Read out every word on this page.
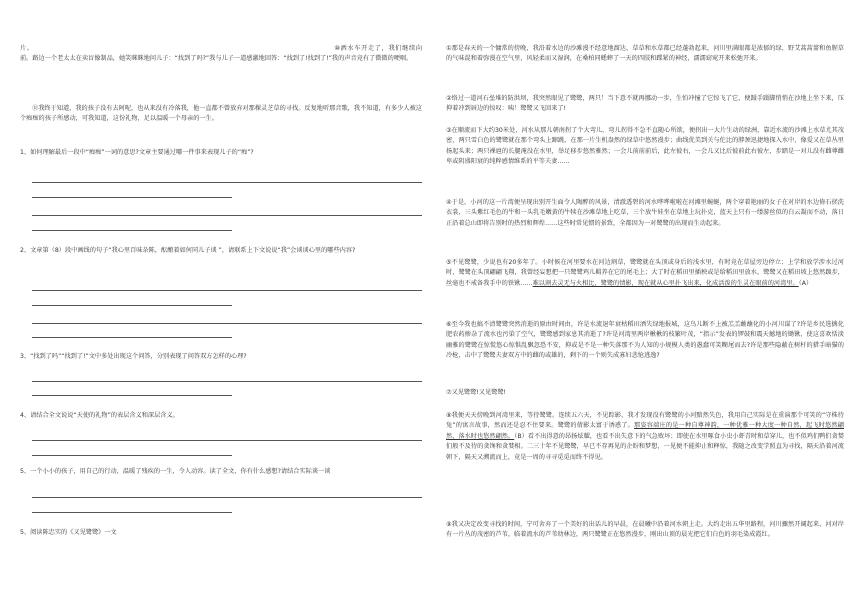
片。	⑩洒水车开走了，我们继续向前。路边一个老太太在卖盲像制品，她笑眯眯地问儿子：“找到了吗?”我与儿子一道感激地回答：“找到了!找到了!”我的声音竟有了微微的哽咽。
⑪我终于知道，我的孩子没有去阿呢，也从来没有冷落我，他一直都不曾放弃对那棵灵芝草的寻找。反复地听那音歌，我不知道，有多少人被这个痴痴的孩子所感动，可我知道，这份礼物，足以温暖一个母亲的一生。
1、如何理解最后一段中“痴痴”一词的意思?文章主要通过哪一件事来表现儿子的“痴”?
2、文章第（8）段中画线的句子“我心里百味杂陈，酝酿着如何同儿子谈 ”，请联系上下文说说“我”会谈谈心里的哪些内容?
3、“找到了吗”“找到了!”文中多处出现这个问答，分别表现了问答双方怎样的心理?
4、请结合全文说说“天使的礼物”的表层含义和深层含义。
5、一个小小的孩子，用自己的行动，温暖了残疾的一生，令人动容。读了全文，你有什么感想?请结合实际谈一谈
5、阅读陈忠实的《又见鹭鹭》一文
①那是春天的一个慵常的傍晚，我沿着水边的沙滩漫不经意地溜达，草草和水草都已经蓬勃起来，河川里满眼都是浓郁的绿，野艾蒿蒿蔷和鱼腥草的气味混和着弥漫在空气里，风轻柔而又湿润，在桑柏同蟋蟀了一天的四肢和蹀紧的神经，濡濡窈窕开来松弛开来。
②络过一道河石垒堆的防洪坝，我突然眼见了鹭鹭，两只！当下意不就再挪动一步，生怕冲撞了它惊飞了它，便蹑手蹑脚悄悄在沙地上坐下来，压抑着冲到唇边的惊叹：咦！鹭鹭又飞回来了!
③在顺流而下大约30米处，河水从那儿朝南拐了个大弯儿，弯儿拐得不急不直随心所欲，便拐出一大片生动的绿洲，靠近水流的沙滩上水草尤其茂密，两只雪白色的鹭鹭就在那个弯头上蹿跳，在那一片生机盎然的绿草中悠然漫步；曲线优美到关与佗比的脖颈迅捷地探入水中，像爱又在草丛里扬起头来；两只裸扈的长腿淹没在水里，举足移步悠然雅然；一会儿前前前后，此左彼右，一会儿又比后彼前此右彼左，步踏是一对儿没有雌尊雌卑或阴盛阳衰的纯粹感情维系的平等夫妻……
④于是，小河的这一片湾便呈现出别开生面令人陶醉的风景，清澈透碧的河水哗哗啦啦在河滩里蜿蜒，两个穿着艳丽的女子在对岸的水边倚石搓洗衣裳，三头紫红毛色的牛和一头乳毛嫩黄的牛犊在沙滩草地上吃草，三个放牛娃坐在草地上玩扑克，蓝天上只有一缕游丝似的白云凝而不动，落日正沿着总山即将告别时的热烈和辉煌……这些时常见惯的景致，全都因为一对鹭鹭的出现而生动起来。
⑤不见鹭鹭，少说也有20多年了。小时候在河里要水在河边割草，鹭鹭就在头顶或身后的浅水里，有时竟在草屋旁边停立；上学和放学涉水过河时，鹭鹭在头顶翩翩飞翔，我曾经妄想把一只鹭鹭鸡儿羁养在它的尾毛上；大了时在稻田里插秧或是给稻田里放水，鹭鹭又在稻田坡上悠然踱步，丝毫也不戒备我手中的铁锹……难以割去灵无与火相比，鹭鹭的情影，现在就从心里扑飞出来，化成活泼的生灵在眼前的河湾里。（A）
⑥至今我也搞不清鹭鹭突然消逝的原由时间由，许是水流退年衰枯稻田洒失绿地报城，这鸟儿断不上被羔羔蘸蘸化的小河川谋了?许是乡民选擒化肥农药掺杂了流水也污染了空气，鹭鹭感到家息其消逝了?许是河湾里两岸楸楸的枝繁叶茂，“指示”发表的锣鼓和震天撼地的锄锹，使这喜欢恬淡幽雅的鹭鹭在惊慌悠心惊惧乱飘忽恐不安，抑或是不是一种失落那不为人知的小规模人类的愚蠢可笑糊尾而去?许是那些隐蔽在树杆的猎手暗猫的冷枪，击中了鹭鹭夫妻双方中的雌的或雄的，剩下的一个则失成寡妇悲怆逃逸?
⑦又见鹭鹭!又见鹭鹭!
⑧我便天天傍晚到河湾里来，等待鹭鹭。连续五六天，不见踪影，我才发现没有鹭鹭的小河黯然失色，我用自己实际是在重演那个可笑的“守株待兔”的寓言故事，然而还是忍不住要来。鹭鹭的倩影太富于诱惑了。那姿容端庄的是一种自尊神韵，一种优雅一种大度一种自然，起飞时悠然翩然，落水时也悠然翩然。（B）看不出得意的昂扬炫耀，也看不出失意下的气急败坏；即使在水里啄食小虫小虾青时和草穿儿，也不似鸡们鸭们贪婪们般不及待的贪馋和贪婪相。二三十年不见鹭鹭，早已不存再见的企盼和梦想，一见便不能抑止和释惊，我随之改变学照直为寻找，隔天沿着河流朝下，隔天又溯流而上，竟是一周的寻寻觅觅而终不得见。
⑨我又决定改变寻找的时间，宁可舍弃了一个美好的出话儿的早晨，在晨曦中沿着河水朝上走。大约走出五华里路程，河川骤然开阔起来，河对岸有一片丛的茂密的芦苇，临着流水的芦苇幼林边，两只鹭鹭正在悠然漫步，刚出山顶的晨光把它们白色的羽毛染成霞红。
